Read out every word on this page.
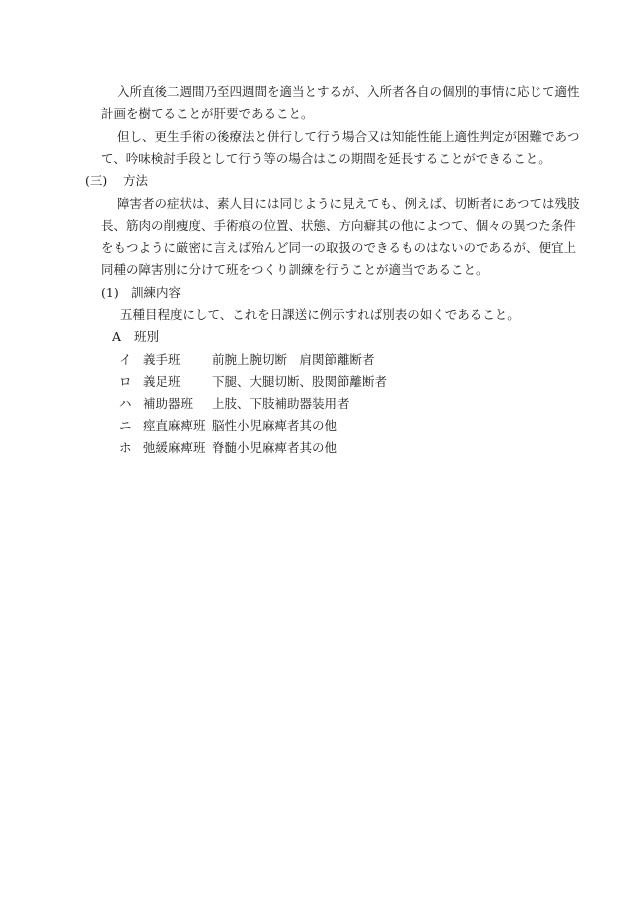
入所直後二週間乃至四週間を適当とするが、入所者各自の個別的事情に応じて適性
計画を樹てることが肝要であること。
但し、更生手術の後療法と併行して行う場合又は知能性能上適性判定が困難であつ
て、吟味検討手段として行う等の場合はこの期間を延長することができること。
(三) 方法
障害者の症状は、素人目には同じように見えても、例えば、切断者にあつては残肢
長、筋肉の削痩度、手術痕の位置、状態、方向癖其の他によつて、個々の異つた条件
をもつように厳密に言えば殆んど同一の取扱のできるものはないのであるが、便宜上
同種の障害別に分けて班をつくり訓練を行うことが適当であること。
(1) 訓練内容
五種目程度にして、これを日課送に例示すれば別表の如くであること。
A 班別
イ 義手班	前腕上腕切断　肩関節離断者
ロ 義足班	下腿、大腿切断、股関節離断者
ハ 補助器班 上肢、下肢補助器装用者
ニ 痙直麻痺班 脳性小児麻痺者其の他
ホ 弛緩麻痺班 脊髄小児麻痺者其の他
